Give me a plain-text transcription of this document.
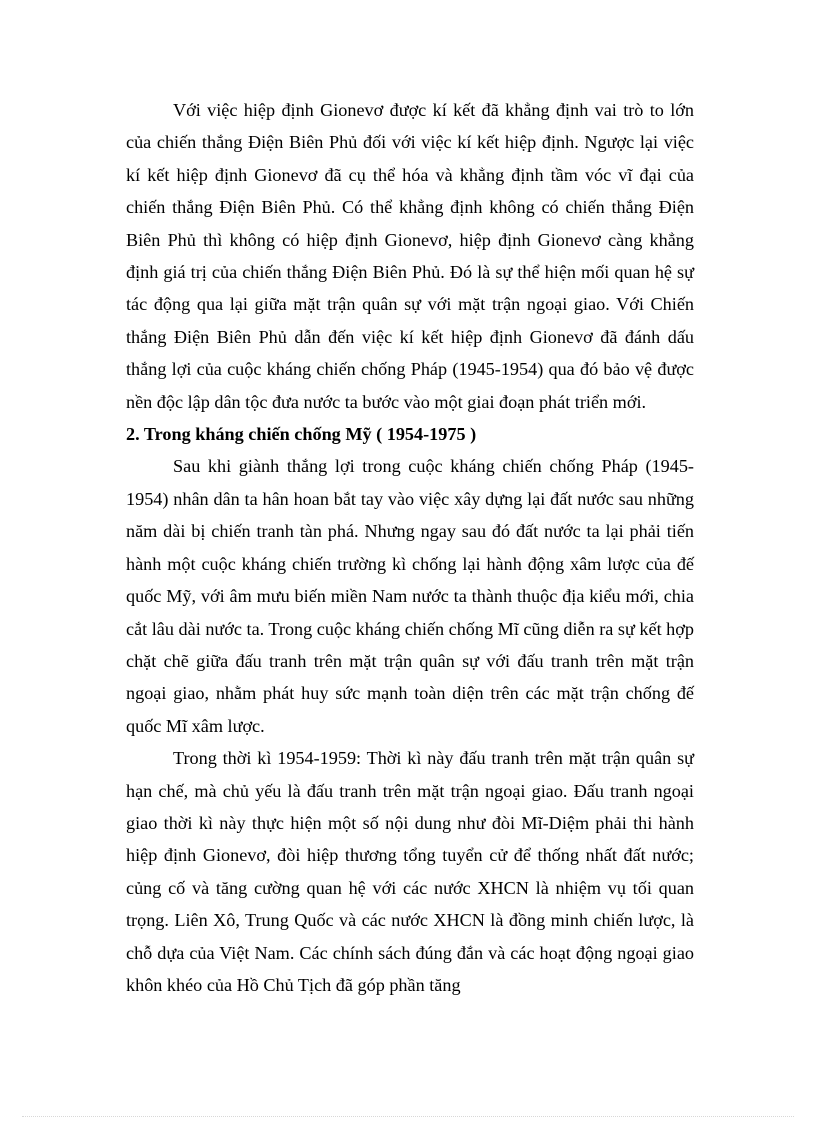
Với việc hiệp định Gionevơ được kí kết đã khẳng định vai trò to lớn của chiến thắng Điện Biên Phủ đối với việc kí kết hiệp định. Ngược lại việc kí kết hiệp định Gionevơ đã cụ thể hóa và khẳng định tầm vóc vĩ đại của chiến thắng Điện Biên Phủ. Có thể khẳng định không có chiến thắng Điện Biên Phủ thì không có hiệp định Gionevơ, hiệp định Gionevơ càng khẳng định giá trị của chiến thắng Điện Biên Phủ. Đó là sự thể hiện mối quan hệ sự tác động qua lại giữa mặt trận quân sự với mặt trận ngoại giao. Với Chiến thắng Điện Biên Phủ dẫn đến việc kí kết hiệp định Gionevơ đã đánh dấu thắng lợi của cuộc kháng chiến chống Pháp (1945-1954) qua đó bảo vệ được nền độc lập dân tộc đưa nước ta bước vào một giai đoạn phát triển mới.

2. Trong kháng chiến chống Mỹ ( 1954-1975 )

Sau khi giành thắng lợi trong cuộc kháng chiến chống Pháp (1945-1954) nhân dân ta hân hoan bắt tay vào việc xây dựng lại đất nước sau những năm dài bị chiến tranh tàn phá. Nhưng ngay sau đó đất nước ta lại phải tiến hành một cuộc kháng chiến trường kì chống lại hành động xâm lược của đế quốc Mỹ, với âm mưu biến miền Nam nước ta thành thuộc địa kiểu mới, chia cắt lâu dài nước ta. Trong cuộc kháng chiến chống Mĩ cũng diễn ra sự kết hợp chặt chẽ giữa đấu tranh trên mặt trận quân sự với đấu tranh trên mặt trận ngoại giao, nhằm phát huy sức mạnh toàn diện trên các mặt trận chống đế quốc Mĩ xâm lược.

Trong thời kì 1954-1959: Thời kì này đấu tranh trên mặt trận quân sự hạn chế, mà chủ yếu là đấu tranh trên mặt trận ngoại giao. Đấu tranh ngoại giao thời kì này thực hiện một số nội dung như đòi Mĩ-Diệm phải thi hành hiệp định Gionevơ, đòi hiệp thương tổng tuyển cử để thống nhất đất nước; củng cố và tăng cường quan hệ với các nước XHCN là nhiệm vụ tối quan trọng. Liên Xô, Trung Quốc và các nước XHCN là đồng minh chiến lược, là chỗ dựa của Việt Nam. Các chính sách đúng đắn và các hoạt động ngoại giao khôn khéo của Hồ Chủ Tịch đã góp phần tăng
